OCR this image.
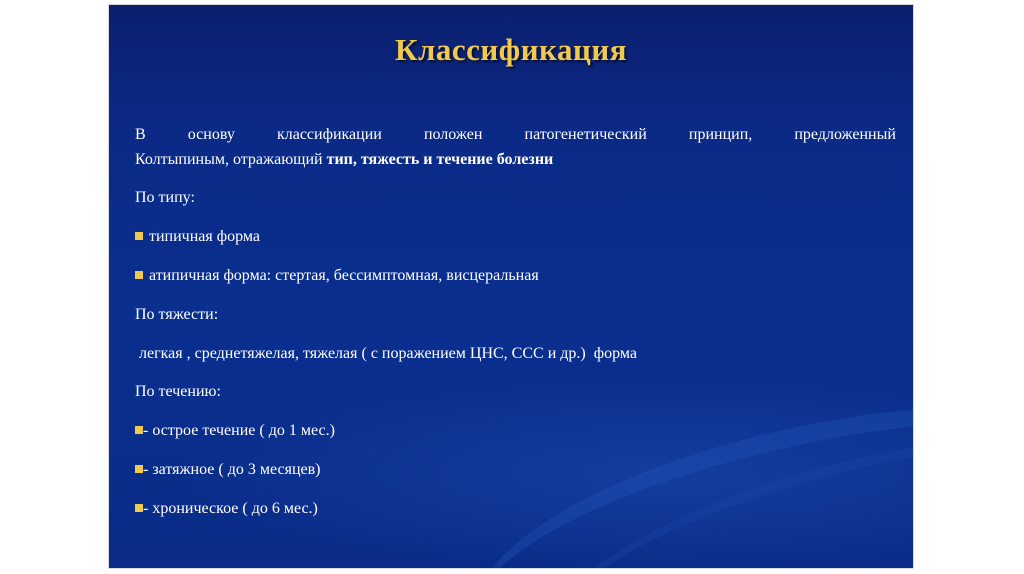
Классификация
В	основу	классификации	положен	патогенетический	принцип,	предложенный
Колтыпиным, отражающий тип, тяжесть и течение болезни
По типу:
типичная форма
атипичная форма: стертая, бессимптомная, висцеральная
По тяжести:
легкая , среднетяжелая, тяжелая ( с поражением ЦНС, ССС и др.)  форма
По течению:
- острое течение ( до 1 мес.)
- затяжное ( до 3 месяцев)
- хроническое ( до 6 мес.)
